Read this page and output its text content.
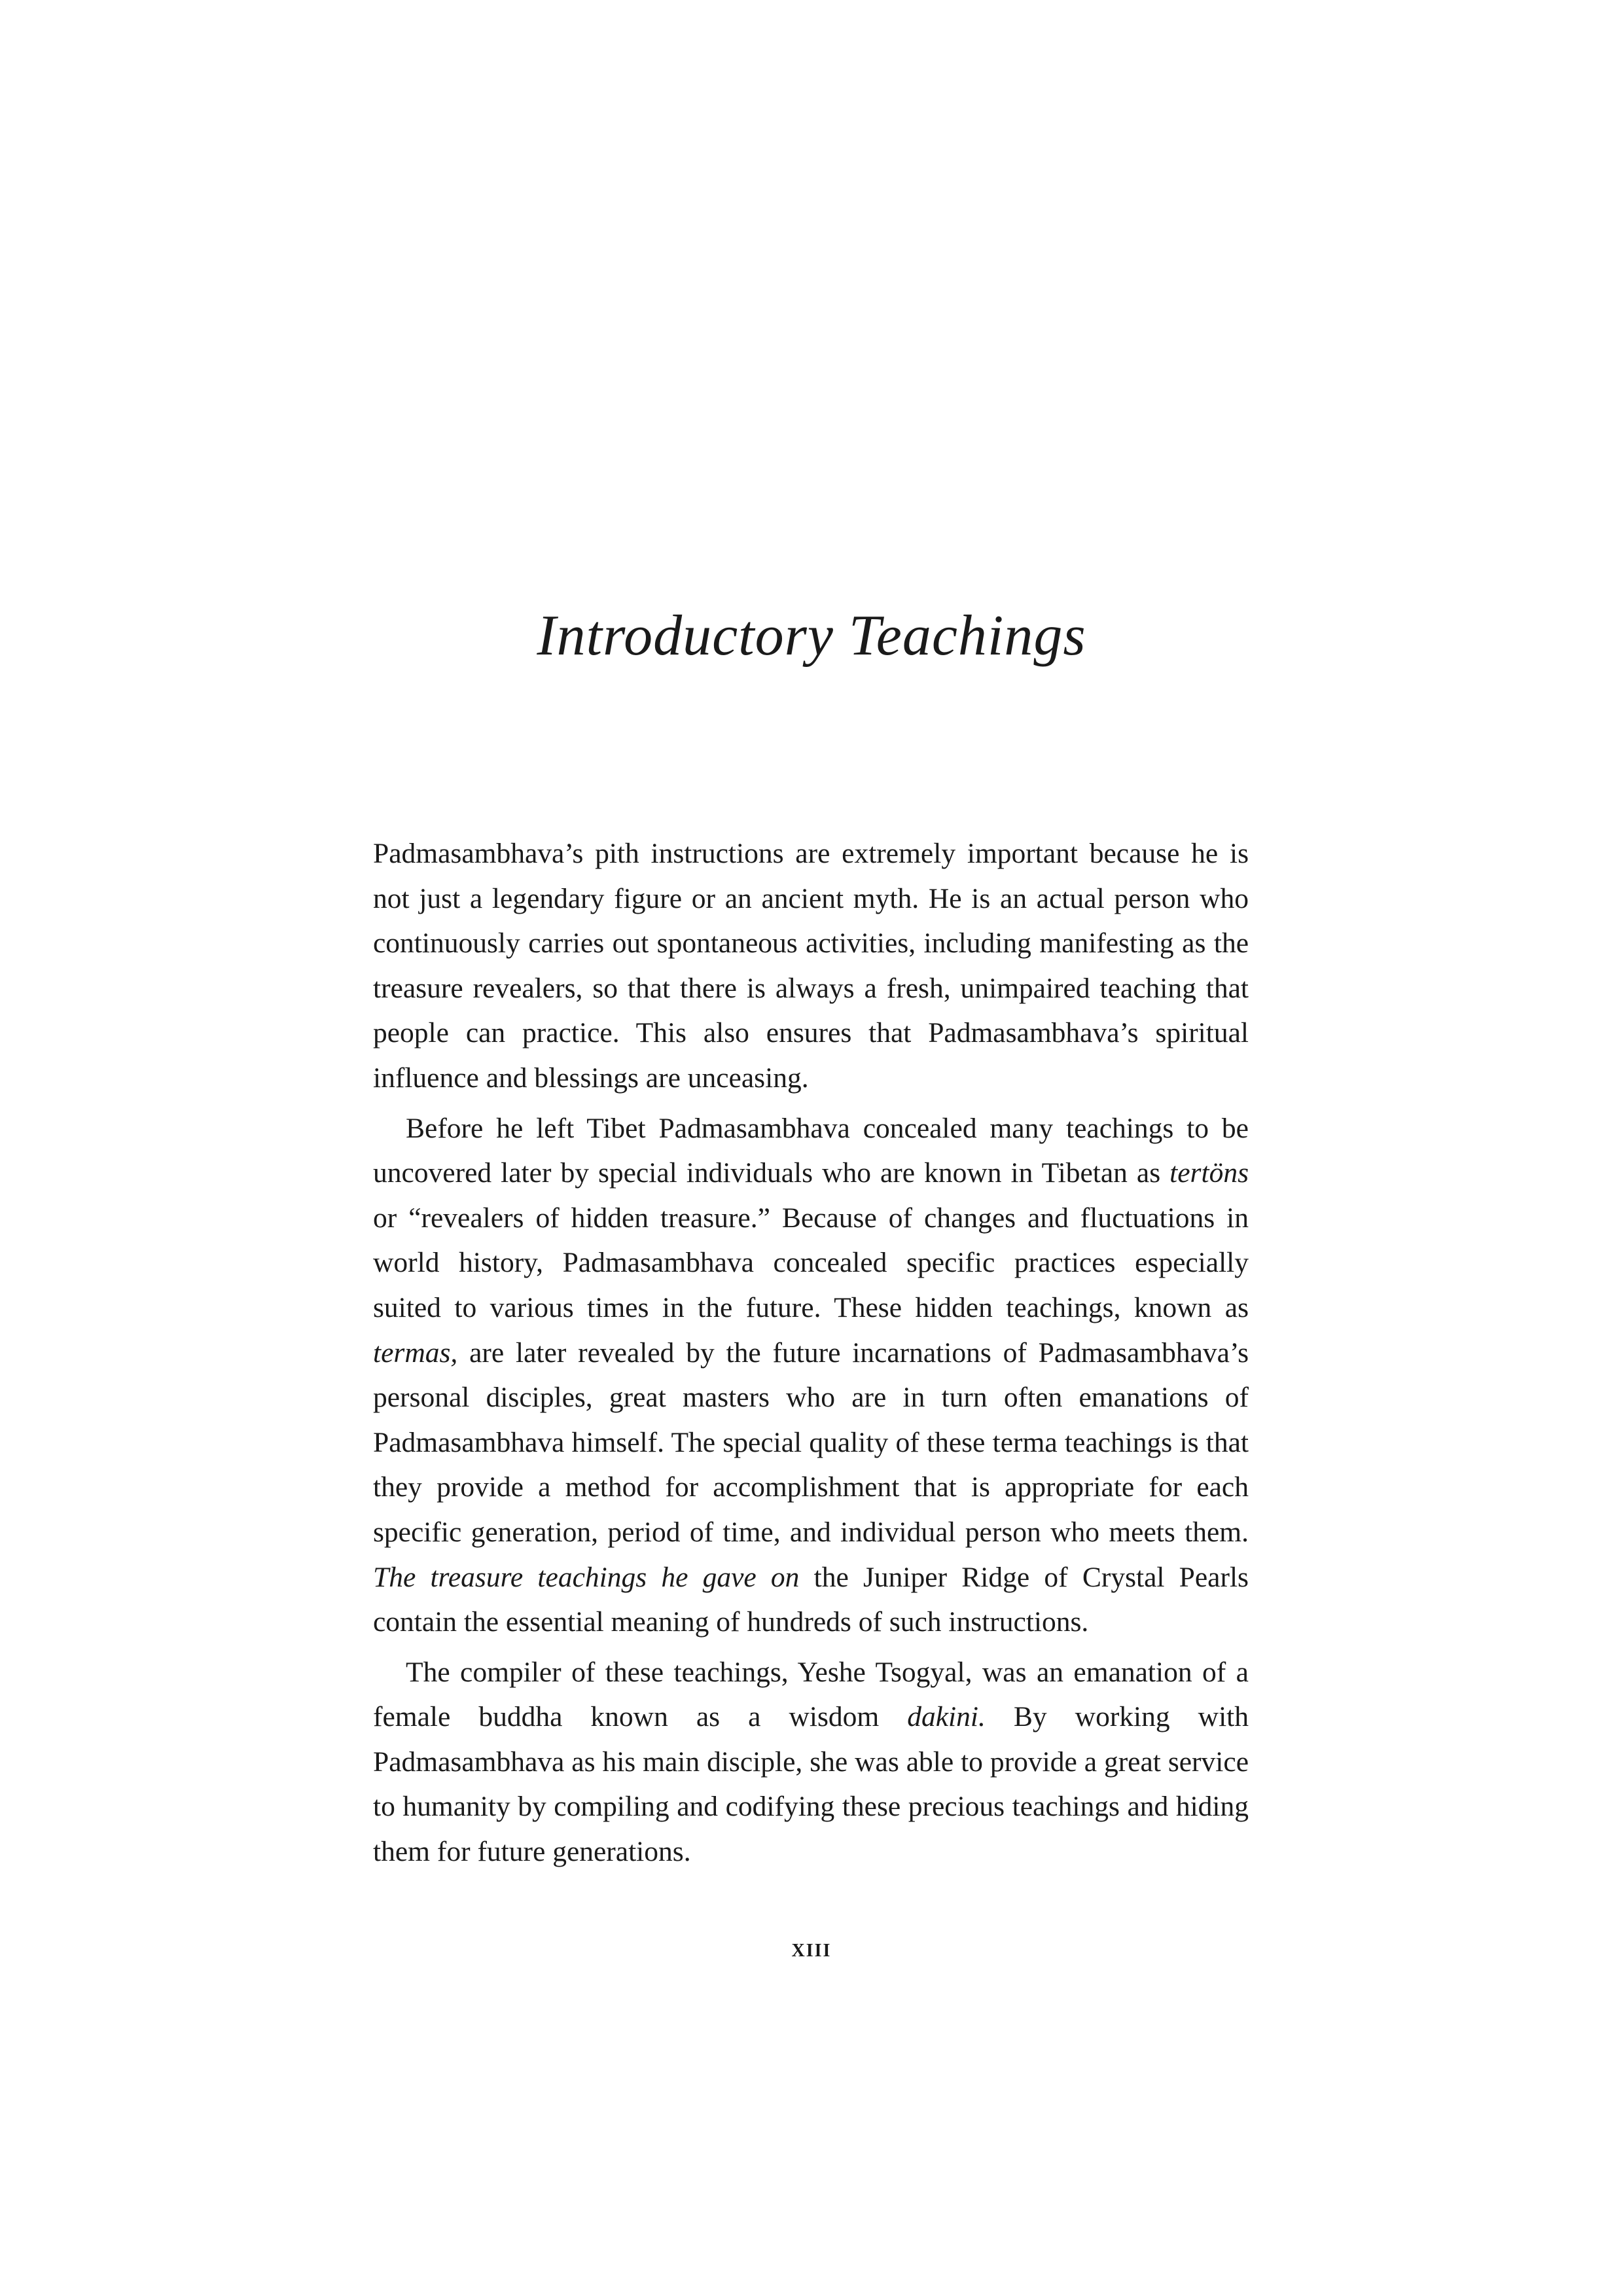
Introductory Teachings

Padmasambhava’s pith instructions are extremely important because he is not just a legendary figure or an ancient myth. He is an actual person who continuously carries out spontaneous activities, including manifesting as the treasure revealers, so that there is always a fresh, unimpaired teaching that people can practice. This also ensures that Padmasambhava’s spiritual influence and blessings are unceasing.

Before he left Tibet Padmasambhava concealed many teachings to be uncovered later by special individuals who are known in Tibetan as tertöns or “revealers of hidden treasure.” Because of changes and fluctuations in world history, Padmasambhava concealed specific practices especially suited to various times in the future. These hidden teachings, known as termas, are later revealed by the future incarnations of Padmasambhava’s personal disciples, great masters who are in turn often emanations of Padmasambhava himself. The special quality of these terma teachings is that they provide a method for accomplishment that is appropriate for each specific generation, period of time, and individual person who meets them. The treasure teachings he gave on the Juniper Ridge of Crystal Pearls contain the essential meaning of hundreds of such instructions.

The compiler of these teachings, Yeshe Tsogyal, was an emanation of a female buddha known as a wisdom dakini. By working with Padmasambhava as his main disciple, she was able to provide a great service to humanity by compiling and codifying these precious teachings and hiding them for future generations.

XIII
